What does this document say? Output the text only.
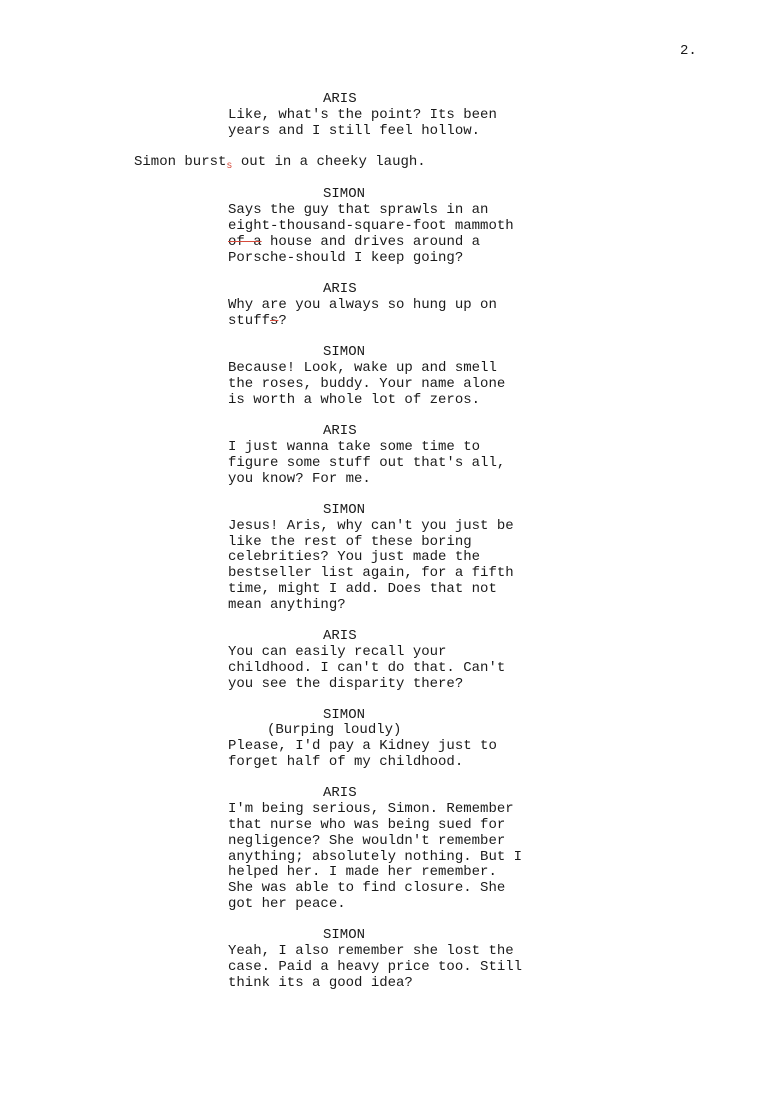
2.
ARIS
Like, what's the point? Its been
years and I still feel hollow.
Simon burst$_s$ out in a cheeky laugh.
SIMON
Says the guy that sprawls in an
eight-thousand-square-foot mammoth
of a house and drives around a
Porsche-should I keep going?
ARIS
Why are you always so hung up on
stuffs?
SIMON
Because! Look, wake up and smell
the roses, buddy. Your name alone
is worth a whole lot of zeros.
ARIS
I just wanna take some time to
figure some stuff out that's all,
you know? For me.
SIMON
Jesus! Aris, why can't you just be
like the rest of these boring
celebrities? You just made the
bestseller list again, for a fifth
time, might I add. Does that not
mean anything?
ARIS
You can easily recall your
childhood. I can't do that. Can't
you see the disparity there?
SIMON
(Burping loudly)
Please, I'd pay a Kidney just to
forget half of my childhood.
ARIS
I'm being serious, Simon. Remember
that nurse who was being sued for
negligence? She wouldn't remember
anything; absolutely nothing. But I
helped her. I made her remember.
She was able to find closure. She
got her peace.
SIMON
Yeah, I also remember she lost the
case. Paid a heavy price too. Still
think its a good idea?
